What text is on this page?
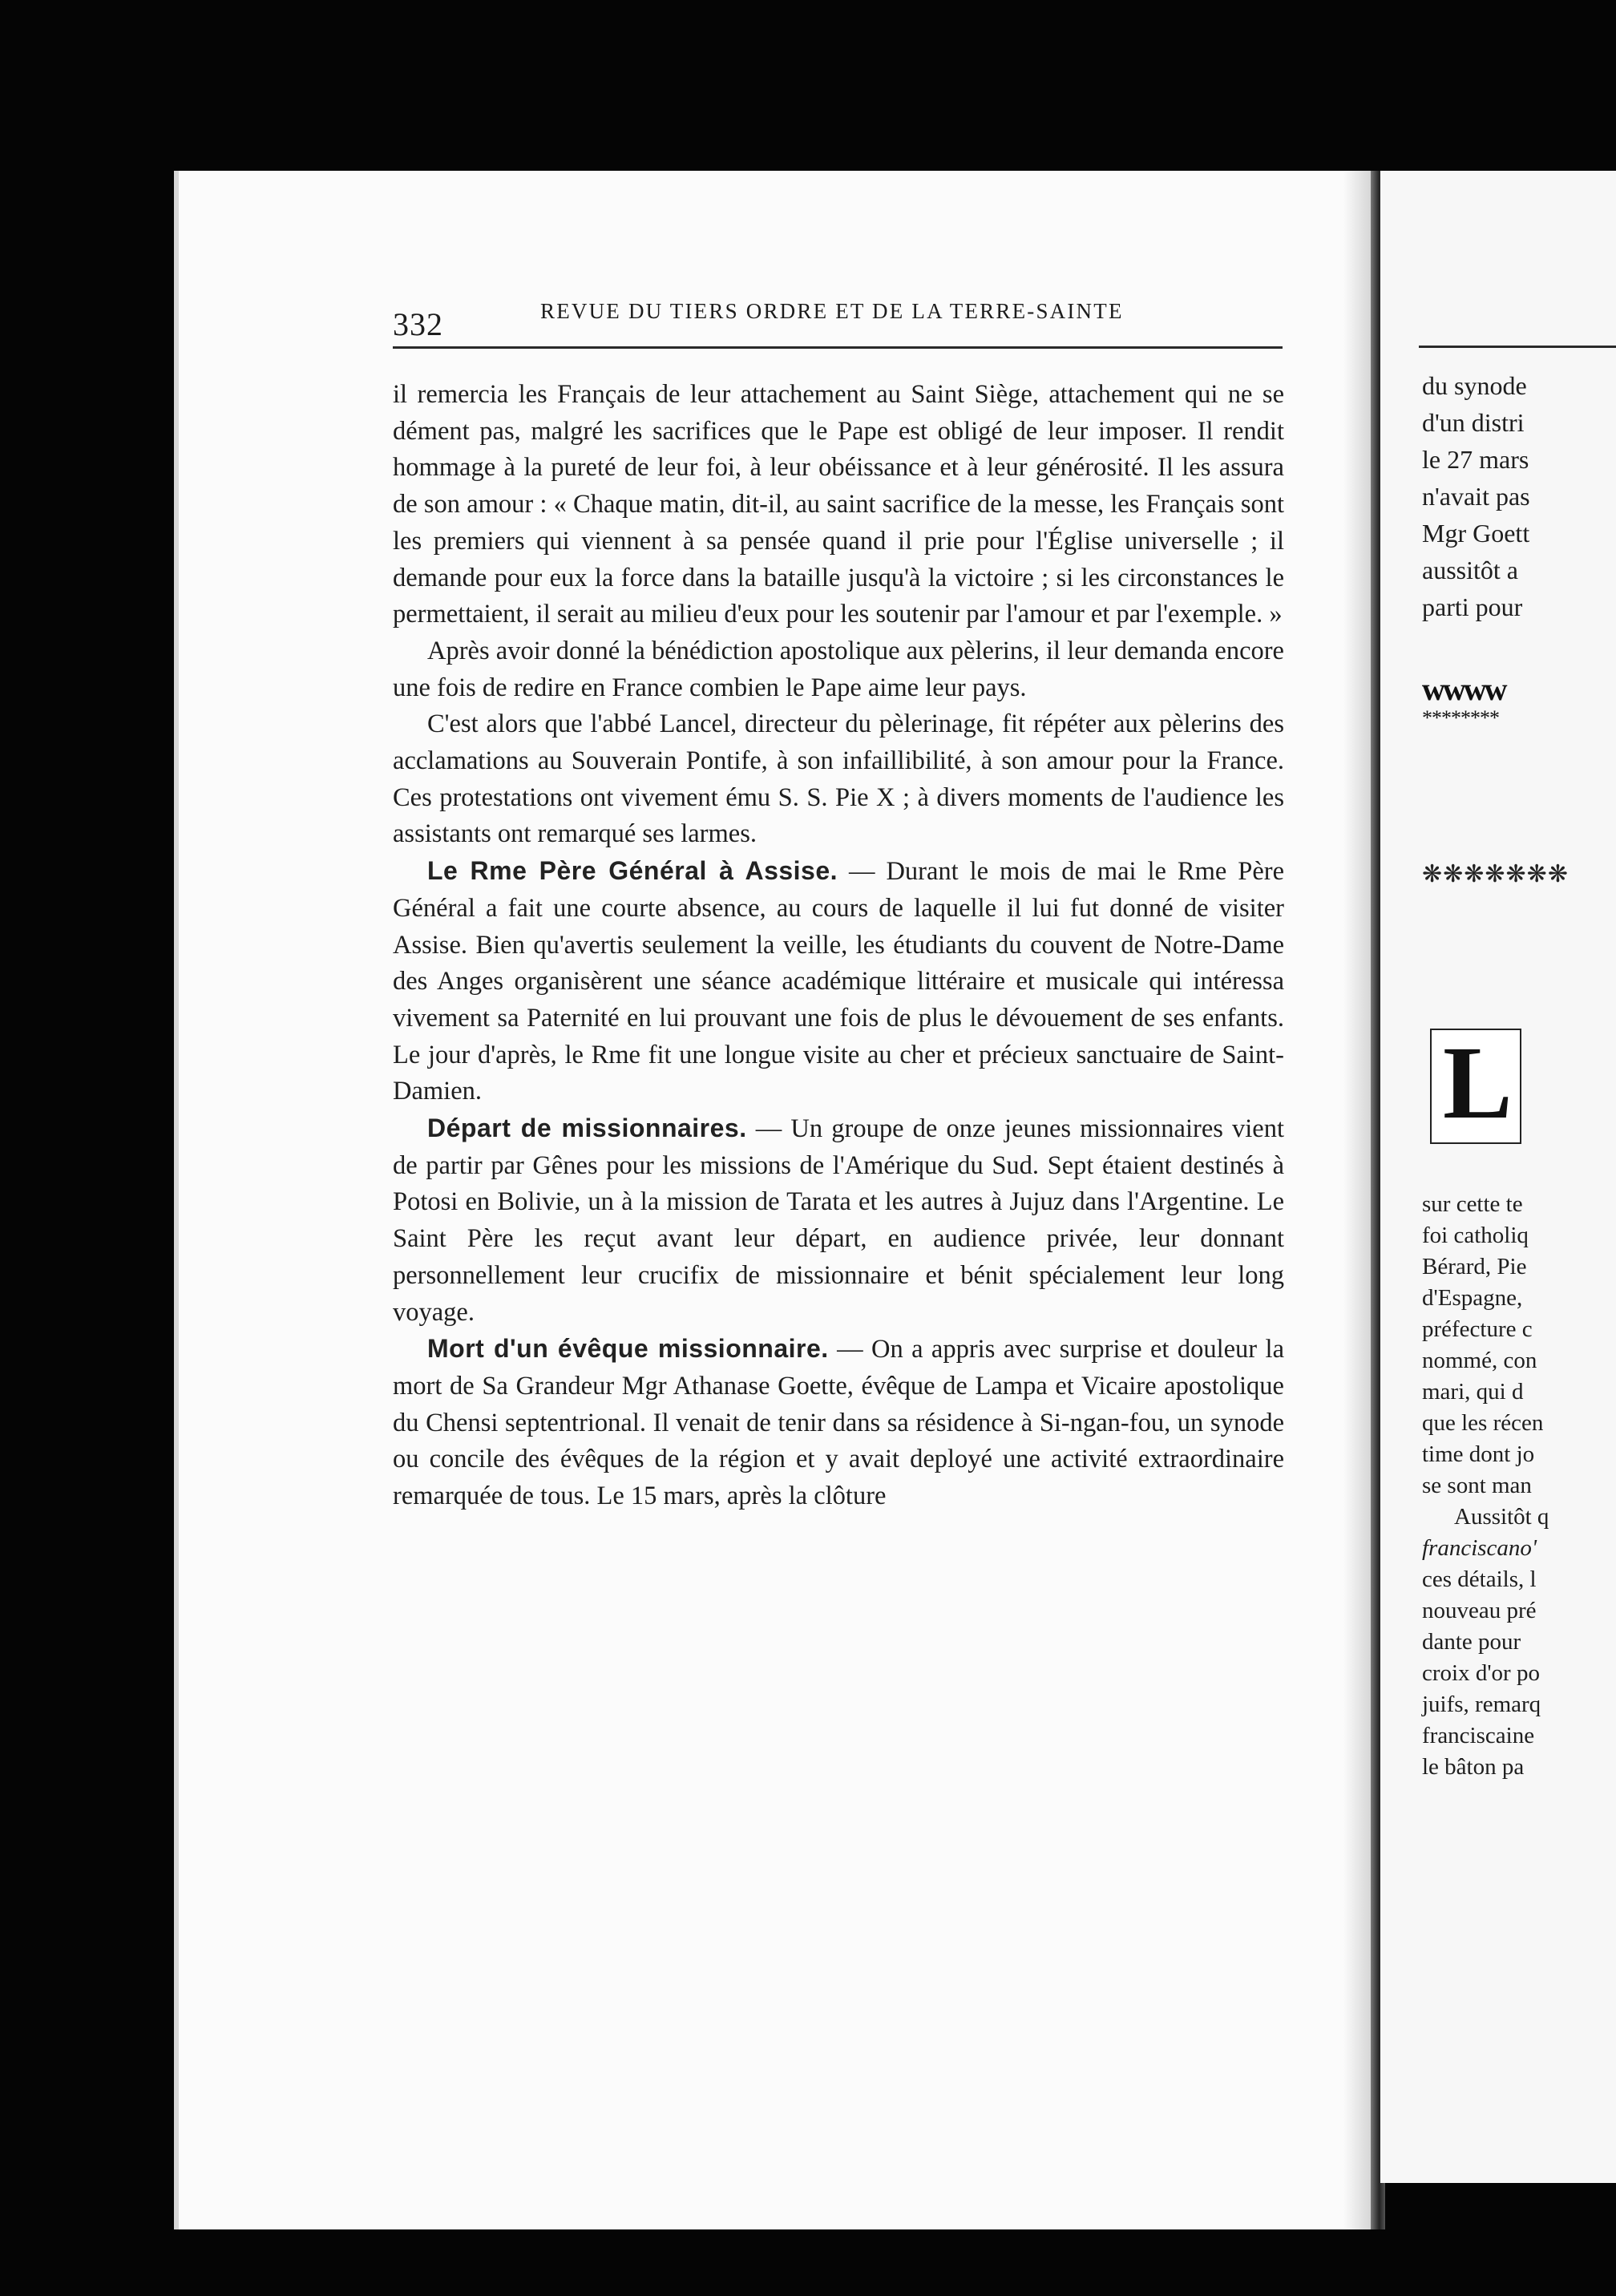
du synode
d'un distri
le 27 mars
n'avait pas
Mgr Goett
aussitôt a
parti pour
ᴡᴡᴡᴡ
********
❋❋❋❋❋❋❋
L
sur cette te
foi catholiq
Bérard, Pie
d'Espagne,
préfecture c
nommé, con
mari, qui d
que les récen
time dont jo
se sont man
Aussitôt q
franciscano'
ces détails, l
nouveau pré
dante pour
croix d'or po
juifs, remarq
franciscaine
le bâton pa
332	REVUE DU TIERS ORDRE ET DE LA TERRE-SAINTE

il remercia les Français de leur attachement au Saint Siège, attachement qui ne se dément pas, malgré les sacrifices que le Pape est obligé de leur imposer. Il rendit hommage à la pureté de leur foi, à leur obéissance et à leur générosité. Il les assura de son amour : « Chaque matin, dit-il, au saint sacrifice de la messe, les Français sont les premiers qui viennent à sa pensée quand il prie pour l'Église universelle ; il demande pour eux la force dans la bataille jusqu'à la victoire ; si les circonstances le permettaient, il serait au milieu d'eux pour les soutenir par l'amour et par l'exemple. »

Après avoir donné la bénédiction apostolique aux pèlerins, il leur demanda encore une fois de redire en France combien le Pape aime leur pays.

C'est alors que l'abbé Lancel, directeur du pèlerinage, fit répéter aux pèlerins des acclamations au Souverain Pontife, à son infaillibilité, à son amour pour la France. Ces protestations ont vivement ému S. S. Pie X ; à divers moments de l'audience les assistants ont remarqué ses larmes.

Le Rme Père Général à Assise. — Durant le mois de mai le Rme Père Général a fait une courte absence, au cours de laquelle il lui fut donné de visiter Assise. Bien qu'avertis seulement la veille, les étudiants du couvent de Notre-Dame des Anges organisèrent une séance académique littéraire et musicale qui intéressa vivement sa Paternité en lui prouvant une fois de plus le dévouement de ses enfants. Le jour d'après, le Rme fit une longue visite au cher et précieux sanctuaire de Saint-Damien.

Départ de missionnaires. — Un groupe de onze jeunes missionnaires vient de partir par Gênes pour les missions de l'Amérique du Sud. Sept étaient destinés à Potosi en Bolivie, un à la mission de Tarata et les autres à Jujuz dans l'Argentine. Le Saint Père les reçut avant leur départ, en audience privée, leur donnant personnellement leur crucifix de missionnaire et bénit spécialement leur long voyage.

Mort d'un évêque missionnaire. — On a appris avec surprise et douleur la mort de Sa Grandeur Mgr Athanase Goette, évêque de Lampa et Vicaire apostolique du Chensi septentrional. Il venait de tenir dans sa résidence à Si-ngan-fou, un synode ou concile des évêques de la région et y avait deployé une activité extraordinaire remarquée de tous. Le 15 mars, après la clôture
